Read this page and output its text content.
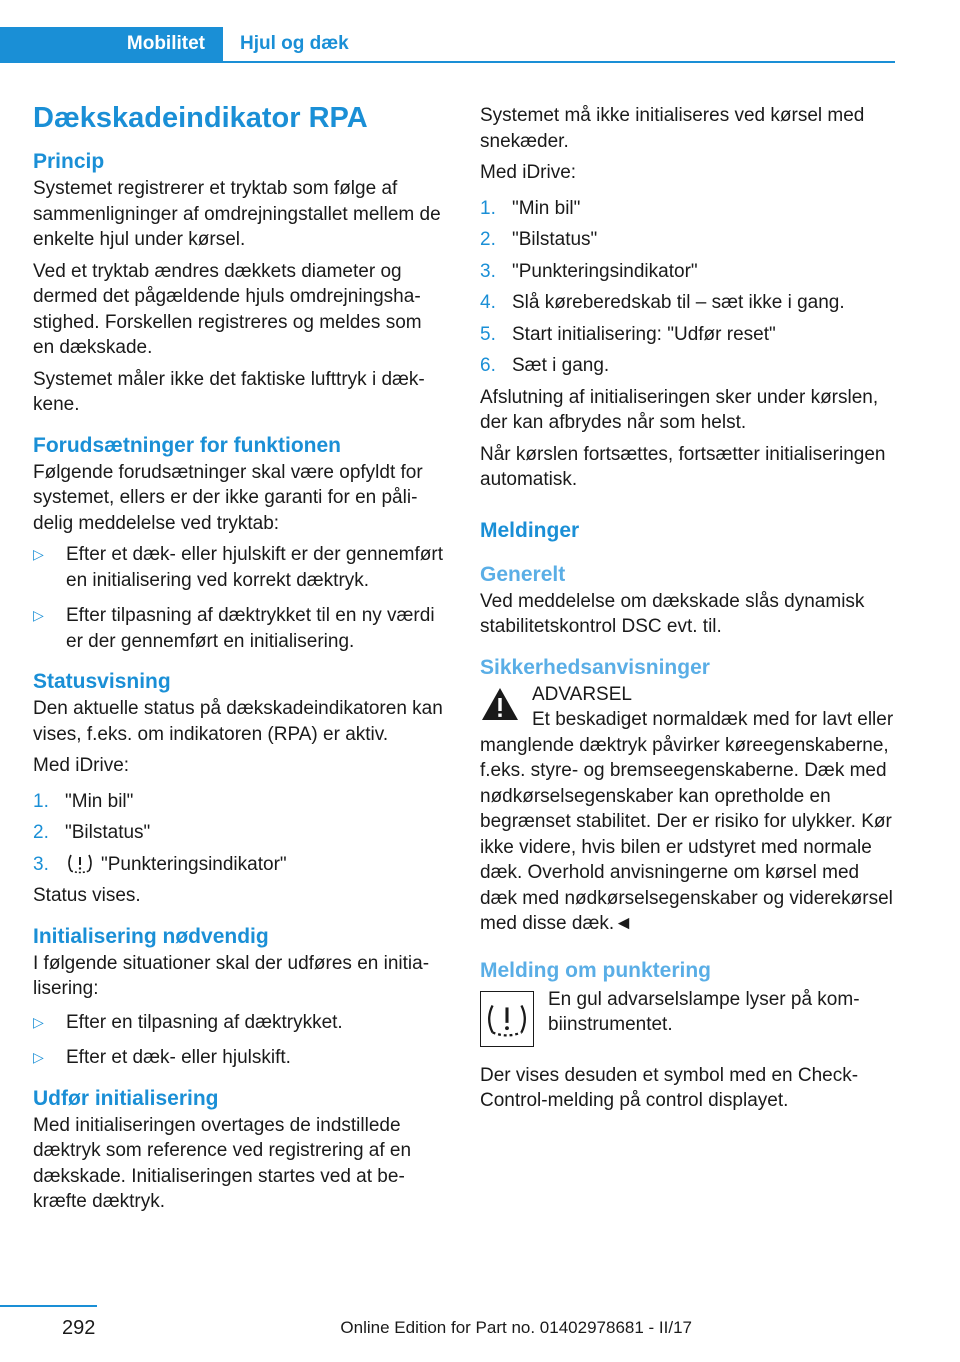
Mobilitet	Hjul og dæk
Dækskadeindikator RPA
Princip

Systemet registrerer et tryktab som følge af sammenligninger af omdrejningstallet mellem de enkelte hjul under kørsel.

Ved et tryktab ændres dækkets diameter og dermed det pågældende hjuls omdrejningshastighed. Forskellen registreres og meldes som en dækskade.

Systemet måler ikke det faktiske lufttryk i dækkene.

Forudsætninger for funktionen

Følgende forudsætninger skal være opfyldt for systemet, ellers er der ikke garanti for en pålidelig meddelelse ved tryktab:

▷	Efter et dæk- eller hjulskift er der gennemført en initialisering ved korrekt dæktryk.
▷	Efter tilpasning af dæktrykket til en ny værdi er der gennemført en initialisering.
Statusvisning

Den aktuelle status på dækskadeindikatoren kan vises, f.eks. om indikatoren (RPA) er aktiv.

Med iDrive:

1. "Min bil"
2. "Bilstatus"
3.	"Punkteringsindikator"

Status vises.

Initialisering nødvendig

I følgende situationer skal der udføres en initialisering:

▷	Efter en tilpasning af dæktrykket.
▷	Efter et dæk- eller hjulskift.
Udfør initialisering

Med initialiseringen overtages de indstillede dæktryk som reference ved registrering af en dækskade. Initialiseringen startes ved at bekræfte dæktryk.

Systemet må ikke initialiseres ved kørsel med snekæder.

Med iDrive:

1. "Min bil"
2. "Bilstatus"
3. "Punkteringsindikator"
4. Slå køreberedskab til – sæt ikke i gang.
5. Start initialisering: "Udfør reset"
6. Sæt i gang.

Afslutning af initialiseringen sker under kørslen, der kan afbrydes når som helst.

Når kørslen fortsættes, fortsætter initialiseringen automatisk.

Meldinger
Generelt

Ved meddelelse om dækskade slås dynamisk stabilitetskontrol DSC evt. til.

Sikkerhedsanvisninger
ADVARSEL

Et beskadiget normaldæk med for lavt eller manglende dæktryk påvirker køreegenskaberne, f.eks. styre- og bremseegenskaberne. Dæk med nødkørselsegenskaber kan opretholde en begrænset stabilitet. Der er risiko for ulykker. Kør ikke videre, hvis bilen er udstyret med normale dæk. Overhold anvisningerne om kørsel med dæk med nødkørselsegenskaber og viderekørsel med disse dæk.◄

Melding om punktering

En gul advarselslampe lyser på kombiinstrumentet.

Der vises desuden et symbol med en Check-Control-melding på control displayet.

292	Online Edition for Part no. 01402978681 - II/17
